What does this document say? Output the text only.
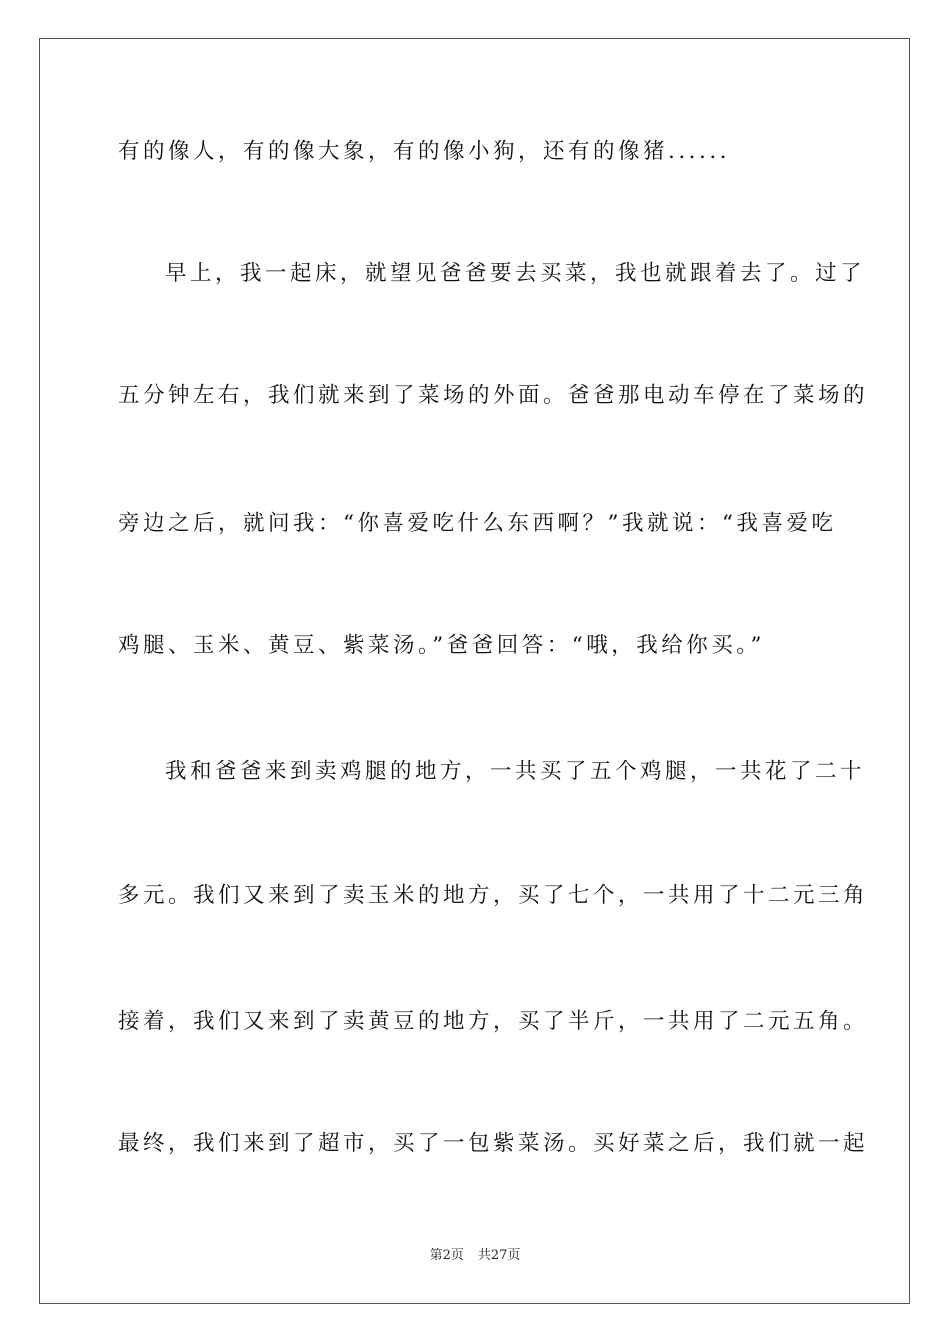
有的像人，有的像大象，有的像小狗，还有的像猪......
早上，我一起床，就望见爸爸要去买菜，我也就跟着去了。过了
五分钟左右，我们就来到了菜场的外面。爸爸那电动车停在了菜场的
旁边之后，就问我：“你喜爱吃什么东西啊？”我就说：“我喜爱吃
鸡腿、玉米、黄豆、紫菜汤。”爸爸回答：“哦，我给你买。”
我和爸爸来到卖鸡腿的地方，一共买了五个鸡腿，一共花了二十
多元。我们又来到了卖玉米的地方，买了七个，一共用了十二元三角
接着，我们又来到了卖黄豆的地方，买了半斤，一共用了二元五角。
最终，我们来到了超市，买了一包紫菜汤。买好菜之后，我们就一起
第2页 共27页
